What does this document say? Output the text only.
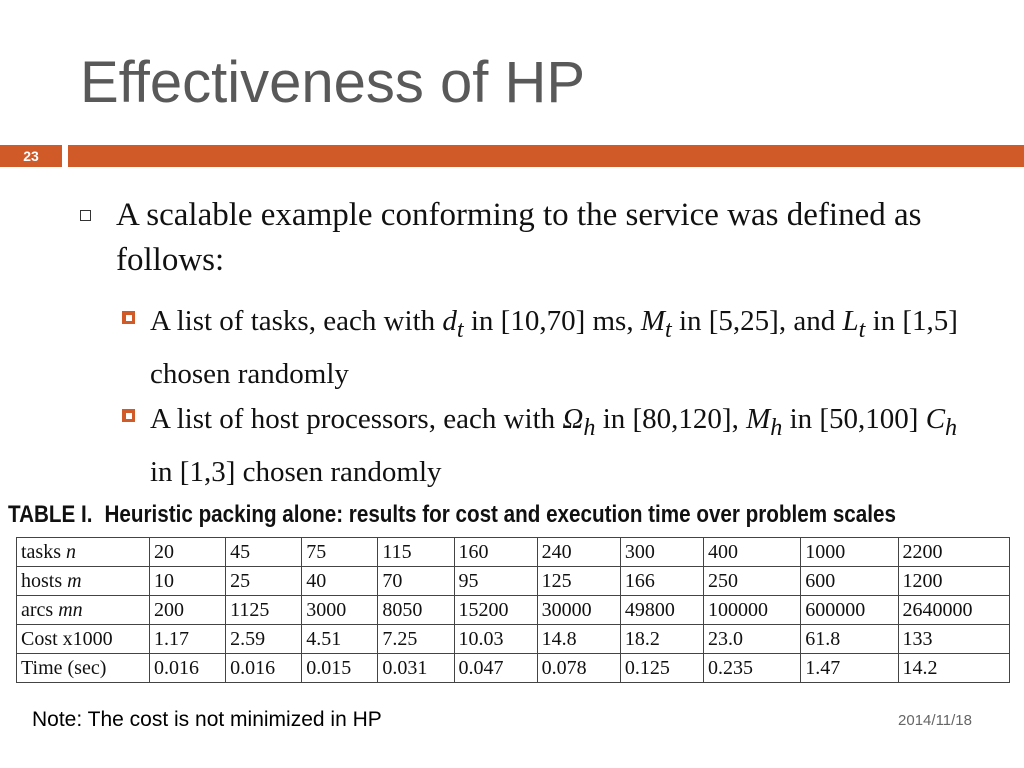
Effectiveness of HP
23
A scalable example conforming to the service was defined as follows:
A list of tasks, each with $d_t$ in [10,70] ms, $M_t$ in [5,25], and $L_t$ in [1,5] chosen randomly
A list of host processors, each with $\Omega_h$ in [80,120], $M_h$ in [50,100] $C_h$ in [1,3] chosen randomly
TABLE I. Heuristic packing alone: results for cost and execution time over problem scales
tasks n	20	45	75	115	160	240	300	400	1000	2200
hosts m	10	25	40	70	95	125	166	250	600	1200
arcs mn	200	1125	3000	8050	15200	30000	49800	100000	600000	2640000
Cost x1000	1.17	2.59	4.51	7.25	10.03	14.8	18.2	23.0	61.8	133
Time (sec)	0.016	0.016	0.015	0.031	0.047	0.078	0.125	0.235	1.47	14.2
Note: The cost is not minimized in HP	2014/11/18
